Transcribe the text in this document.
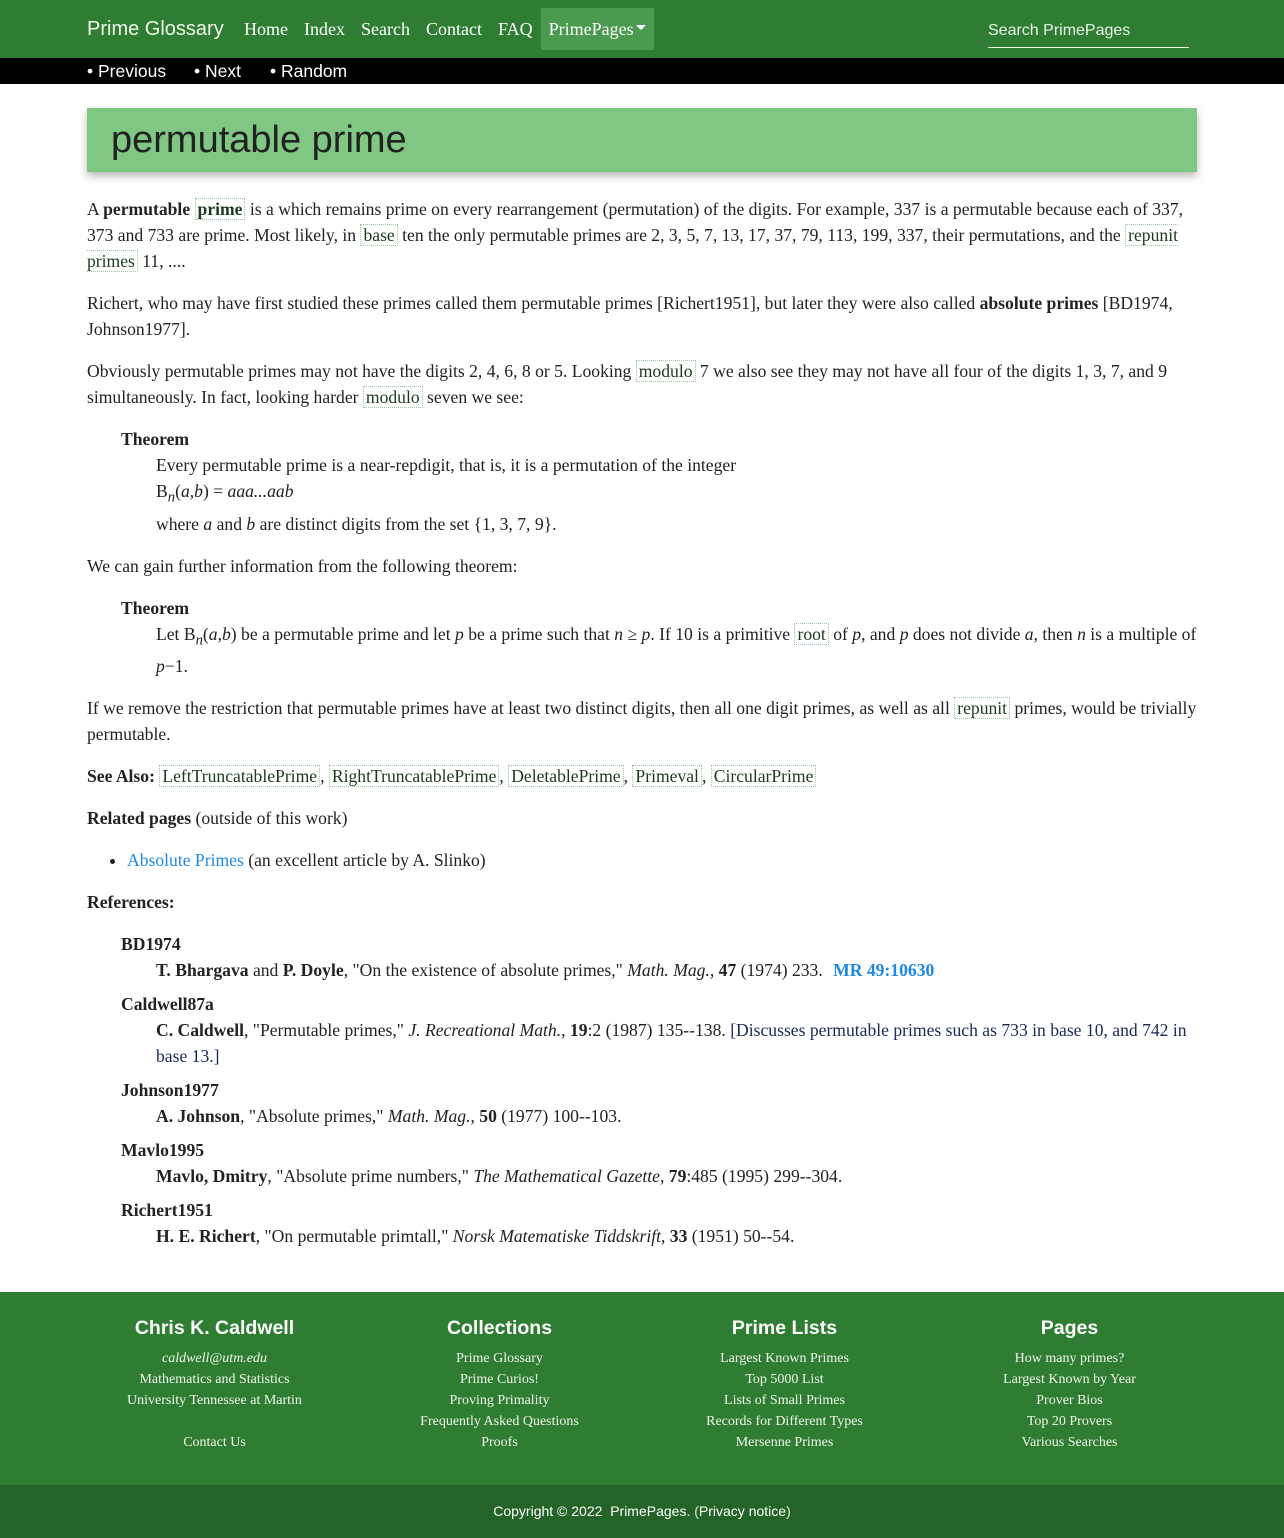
Prime Glossary	Home Index Search Contact FAQ PrimePages
Search PrimePages
• Previous • Next • Random
permutable prime

A permutable prime is a which remains prime on every rearrangement (permutation) of the digits. For example, 337 is a permutable because each of 337, 373 and 733 are prime. Most likely, in base ten the only permutable primes are 2, 3, 5, 7, 13, 17, 37, 79, 113, 199, 337, their permutations, and the repunit primes 11, ....

Richert, who may have first studied these primes called them permutable primes [Richert1951], but later they were also called absolute primes [BD1974, Johnson1977].

Obviously permutable primes may not have the digits 2, 4, 6, 8 or 5. Looking modulo 7 we also see they may not have all four of the digits 1, 3, 7, and 9 simultaneously. In fact, looking harder modulo seven we see:

Theorem

Every permutable prime is a near-repdigit, that is, it is a permutation of the integer

$B_n(a,b) = aaa...aab$

where a and b are distinct digits from the set {1, 3, 7, 9}.

We can gain further information from the following theorem:

Theorem

Let $B_n(a,b)$ be a permutable prime and let p be a prime such that n ≥ p. If 10 is a primitive root of p, and p does not divide a, then n is a multiple of p−1.

If we remove the restriction that permutable primes have at least two distinct digits, then all one digit primes, as well as all repunit primes, would be trivially permutable.

See Also: LeftTruncatablePrime , RightTruncatablePrime , DeletablePrime , Primeval , CircularPrime

Related pages (outside of this work)

• Absolute Primes (an excellent article by A. Slinko)

References:

BD1974
T. Bhargava and P. Doyle, "On the existence of absolute primes," Math. Mag., 47 (1974) 233. MR 49:10630
Caldwell87a
C. Caldwell, "Permutable primes," J. Recreational Math., 19:2 (1987) 135--138. [Discusses permutable primes such as 733 in base 10, and 742 in base 13.]
Johnson1977
A. Johnson, "Absolute primes," Math. Mag., 50 (1977) 100--103.
Mavlo1995
Mavlo, Dmitry, "Absolute prime numbers," The Mathematical Gazette, 79:485 (1995) 299--304.
Richert1951
H. E. Richert, "On permutable primtall," Norsk Matematiske Tiddskrift, 33 (1951) 50--54.
Chris K. Caldwell
caldwell@utm.edu
Mathematics and Statistics
University Tennessee at Martin
Contact Us
Collections
Prime Glossary
Prime Curios!
Proving Primality
Frequently Asked Questions
Proofs
Prime Lists
Largest Known Primes
Top 5000 List
Lists of Small Primes
Records for Different Types
Mersenne Primes
Pages
How many primes?
Largest Known by Year
Prover Bios
Top 20 Provers
Various Searches
Copyright © 2022 PrimePages. (Privacy notice)
